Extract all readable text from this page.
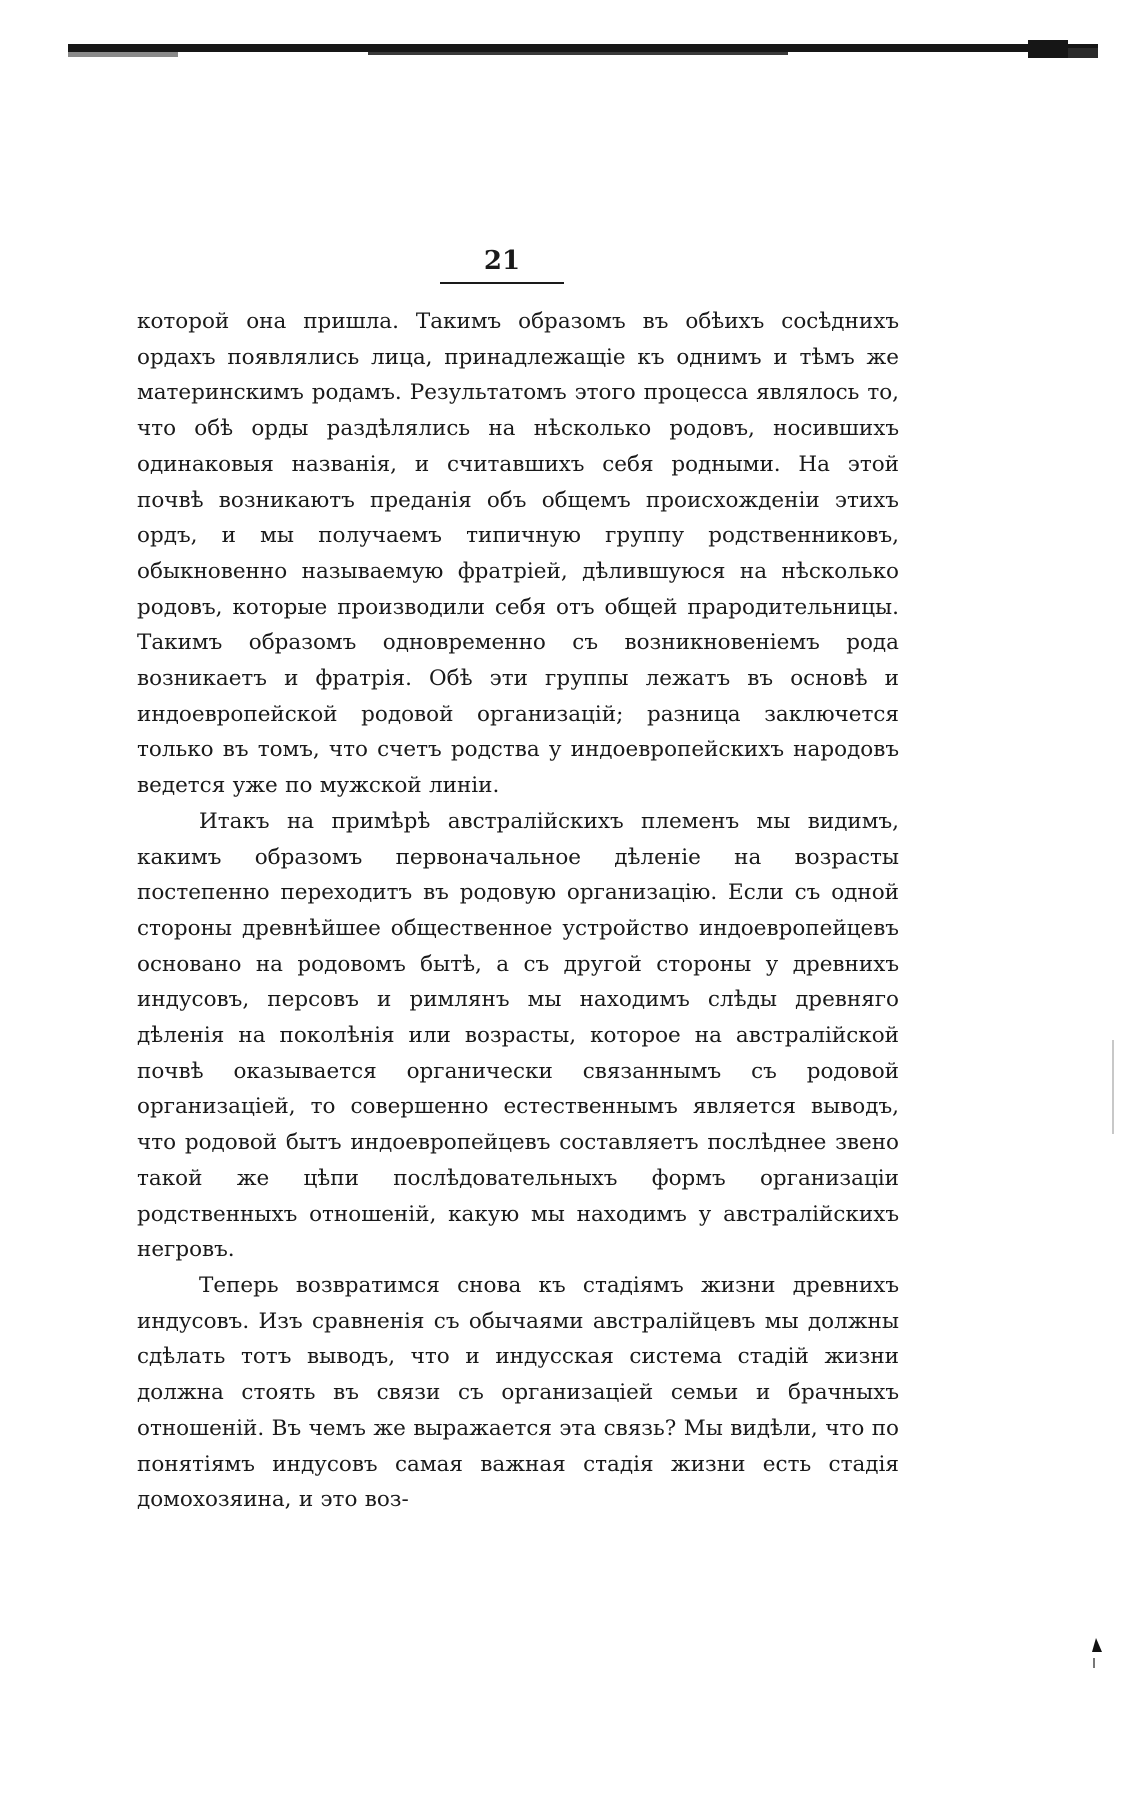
21

которой она пришла. Такимъ образомъ въ обѣихъ сосѣднихъ ордахъ появлялись лица, принадлежащіе къ однимъ и тѣмъ же материнскимъ родамъ. Результатомъ этого процесса являлось то, что обѣ орды раздѣлялись на нѣсколько родовъ, носившихъ одинаковыя названія, и считавшихъ себя родными. На этой почвѣ возникаютъ преданія объ общемъ происхожденіи этихъ ордъ, и мы получаемъ типичную группу родственниковъ, обыкновенно называемую фратріей, дѣлившуюся на нѣсколько родовъ, которые производили себя отъ общей прародительницы. Такимъ образомъ одновременно съ возникновеніемъ рода возникаетъ и фратрія. Обѣ эти группы лежатъ въ основѣ и индоевропейской родовой организацій; разница заключется только въ томъ, что счетъ родства у индоевропейскихъ народовъ ведется уже по мужской линіи.

Итакъ на примѣрѣ австралійскихъ племенъ мы видимъ, какимъ образомъ первоначальное дѣленіе на возрасты постепенно переходитъ въ родовую организацію. Если съ одной стороны древнѣйшее общественное устройство индоевропейцевъ основано на родовомъ бытѣ, а съ другой стороны у древнихъ индусовъ, персовъ и римлянъ мы находимъ слѣды древняго дѣленія на поколѣнія или возрасты, которое на австралійской почвѣ оказывается органически связаннымъ съ родовой организаціей, то совершенно естественнымъ является выводъ, что родовой бытъ индоевропейцевъ составляетъ послѣднее звено такой же цѣпи послѣдовательныхъ формъ организаціи родственныхъ отношеній, какую мы находимъ у австралійскихъ негровъ.

Теперь возвратимся снова къ стадіямъ жизни древнихъ индусовъ. Изъ сравненія съ обычаями австралійцевъ мы должны сдѣлать тотъ выводъ, что и индусская система стадій жизни должна стоять въ связи съ организаціей семьи и брачныхъ отношеній. Въ чемъ же выражается эта связь? Мы видѣли, что по понятіямъ индусовъ самая важная стадія жизни есть стадія домохозяина, и это воз-
